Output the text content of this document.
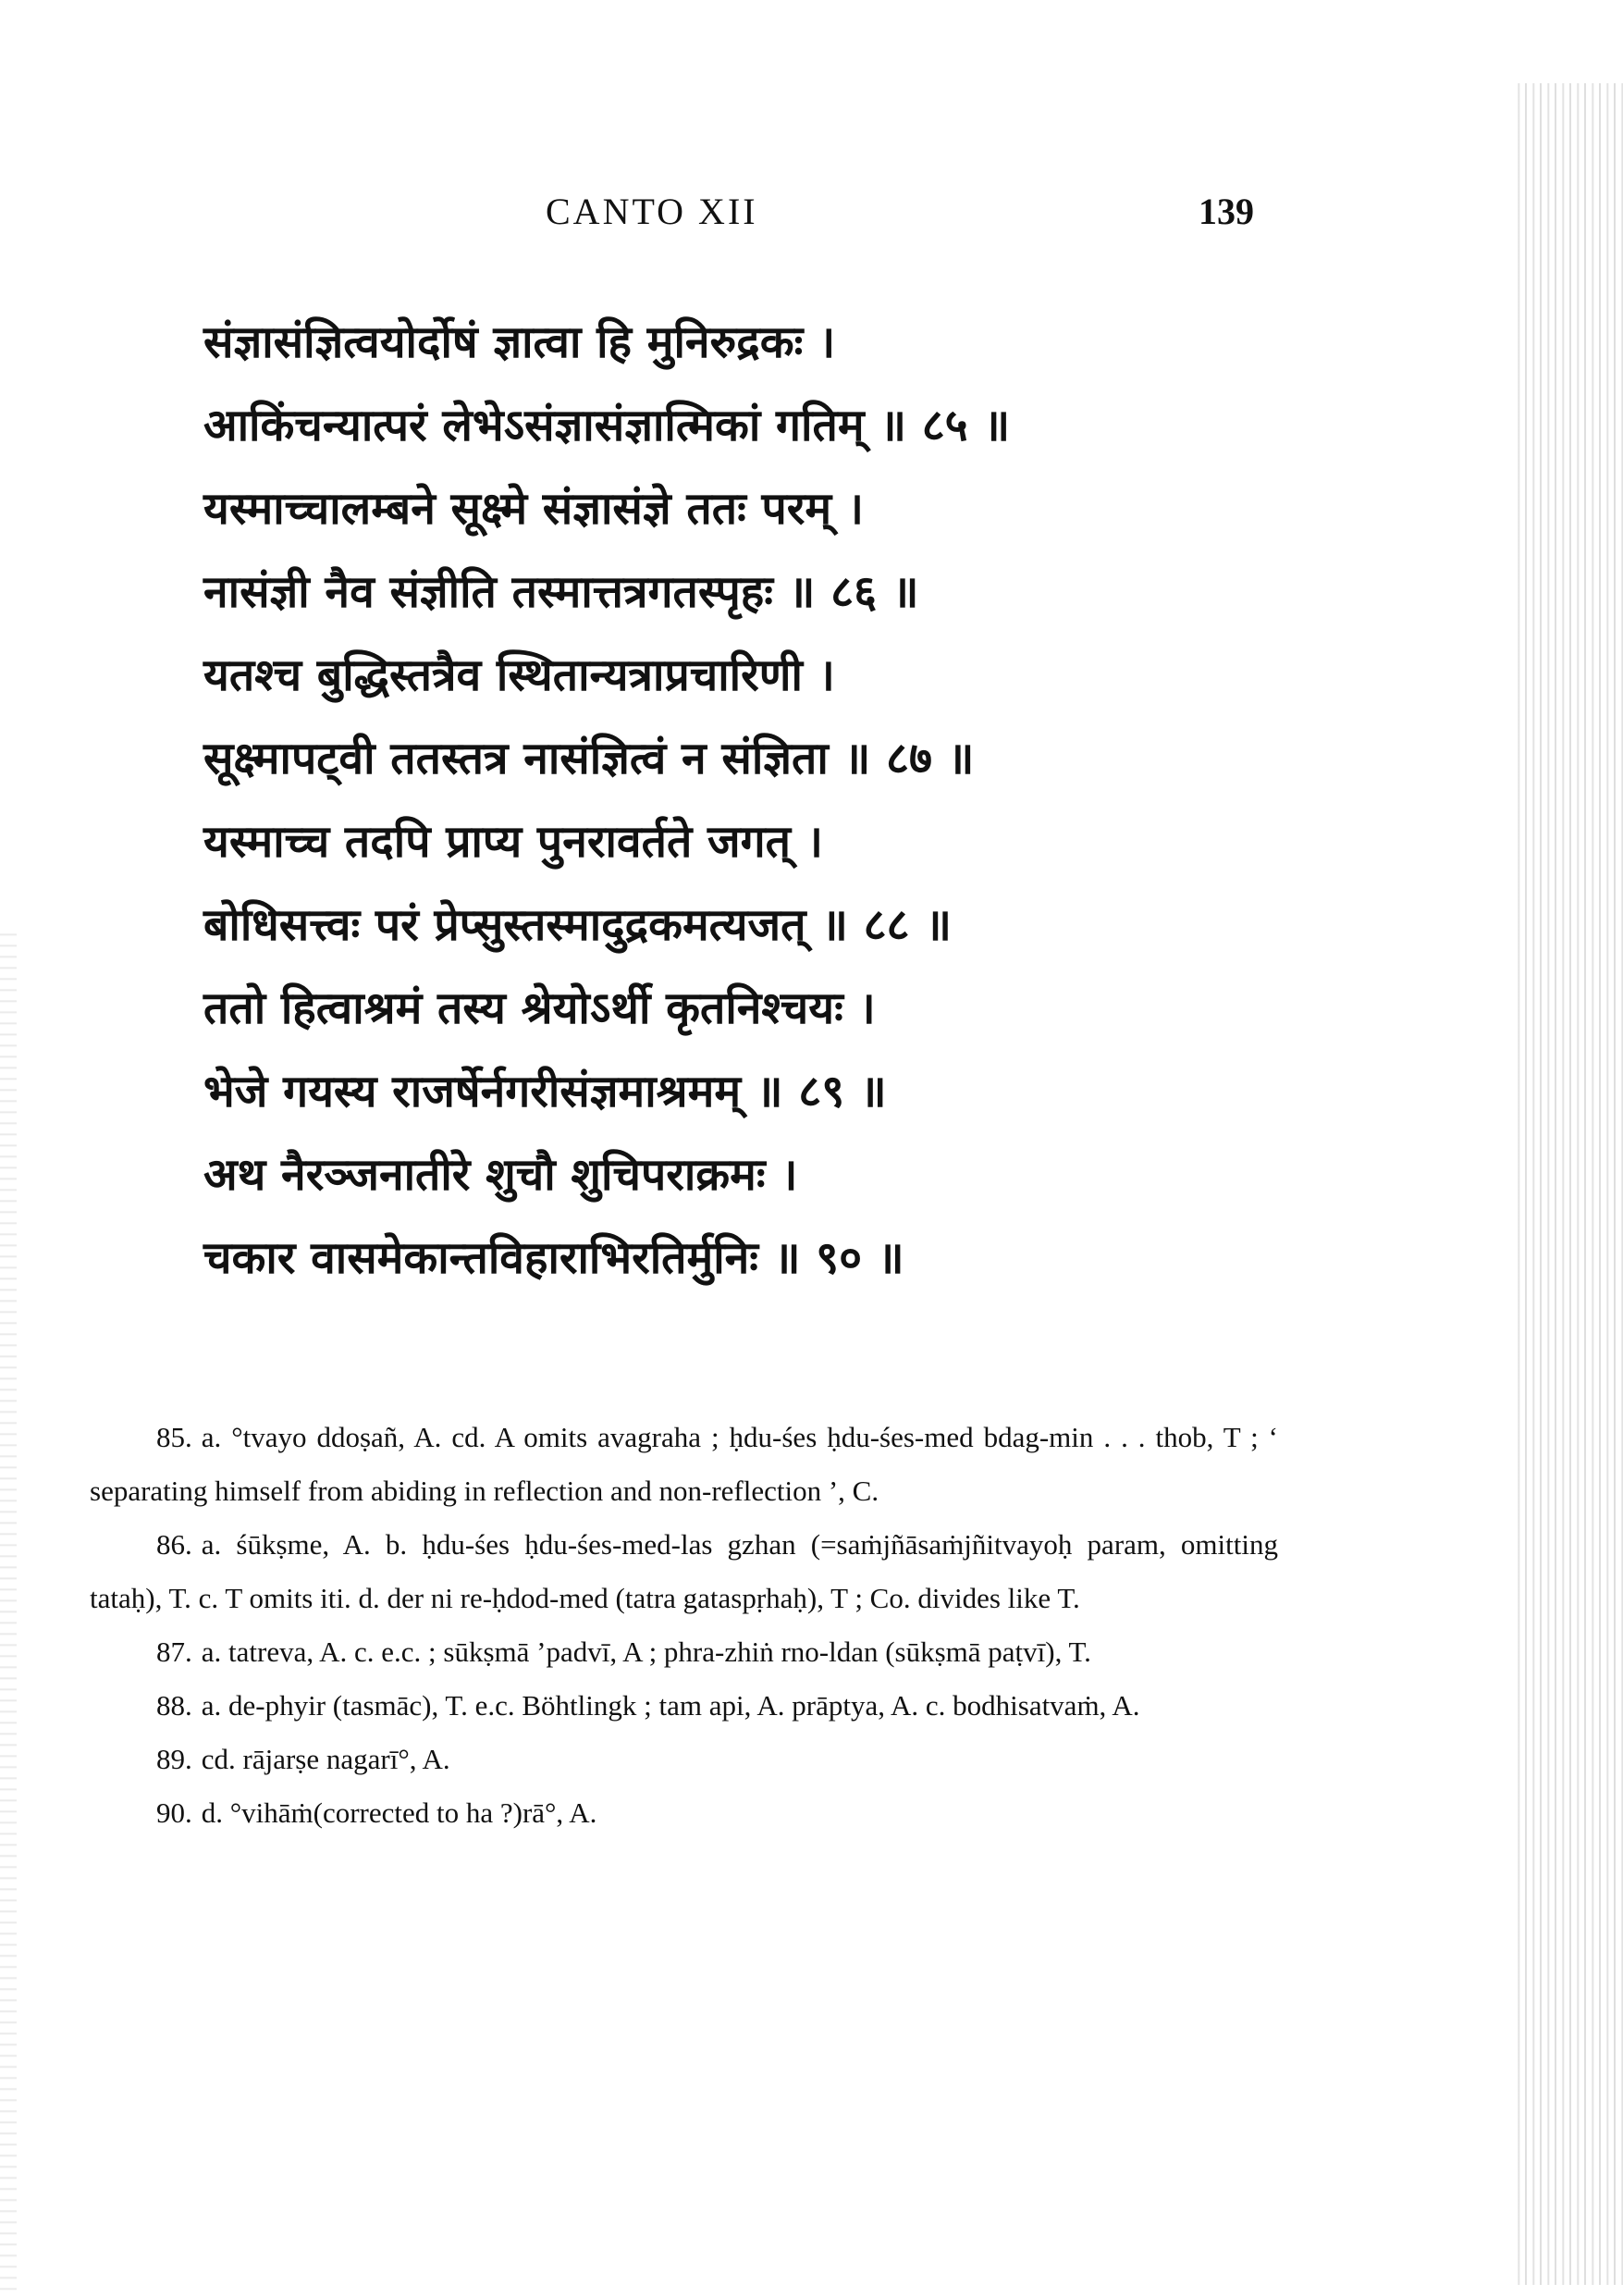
CANTO XII	139
संज्ञासंज्ञित्वयोर्दोषं ज्ञात्वा हि मुनिरुद्रकः ।
आकिंचन्यात्परं लेभेऽसंज्ञासंज्ञात्मिकां गतिम् ॥ ८५ ॥
यस्माच्चालम्बने सूक्ष्मे संज्ञासंज्ञे ततः परम् ।
नासंज्ञी नैव संज्ञीति तस्मात्तत्रगतस्पृहः ॥ ८६ ॥
यतश्च बुद्धिस्तत्रैव स्थितान्यत्राप्रचारिणी ।
सूक्ष्मापट्वी ततस्तत्र नासंज्ञित्वं न संज्ञिता ॥ ८७ ॥
यस्माच्च तदपि प्राप्य पुनरावर्तते जगत् ।
बोधिसत्त्वः परं प्रेप्सुस्तस्मादुद्रकमत्यजत् ॥ ८८ ॥
ततो हित्वाश्रमं तस्य श्रेयोऽर्थी कृतनिश्चयः ।
भेजे गयस्य राजर्षेर्नगरीसंज्ञमाश्रमम् ॥ ८९ ॥
अथ नैरञ्जनातीरे शुचौ शुचिपराक्रमः ।
चकार वासमेकान्तविहाराभिरतिर्मुनिः ॥ ९० ॥

85. a. °tvayo ddoṣañ, A. cd. A omits avagraha ; ḥdu-śes ḥdu-śes-med bdag-min . . . thob, T ; ‘ separating himself from abiding in reflection and non-reflection ’, C.

86. a. śūkṣme, A. b. ḥdu-śes ḥdu-śes-med-las gzhan (=saṁjñāsaṁjñitvayoḥ param, omitting tataḥ), T. c. T omits iti. d. der ni re-ḥdod-med (tatra gataspṛhaḥ), T ; Co. divides like T.

87. a. tatreva, A. c. e.c. ; sūkṣmā ’padvī, A ; phra-zhiṅ rno-ldan (sūkṣmā paṭvī), T.

88. a. de-phyir (tasmāc), T. e.c. Böhtlingk ; tam api, A. prāptya, A. c. bodhisatvaṁ, A.

89. cd. rājarṣe nagarī°, A.

90. d. °vihāṁ(corrected to ha ?)rā°, A.
